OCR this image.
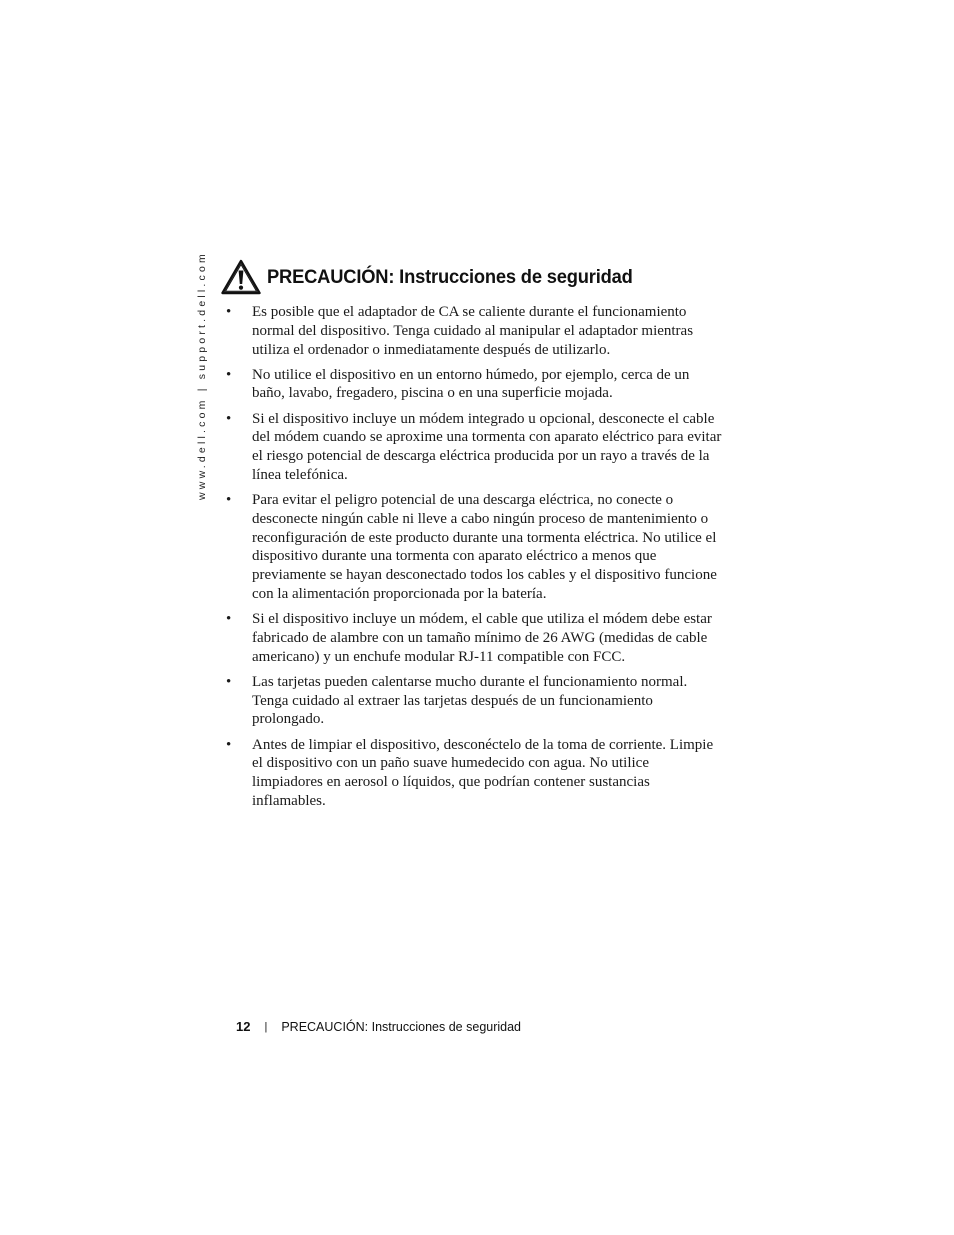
www.dell.com | support.dell.com	PRECAUCIÓN: Instrucciones de seguridad
• Es posible que el adaptador de CA se caliente durante el funcionamiento normal del dispositivo. Tenga cuidado al manipular el adaptador mientras utiliza el ordenador o inmediatamente después de utilizarlo.
• No utilice el dispositivo en un entorno húmedo, por ejemplo, cerca de un baño, lavabo, fregadero, piscina o en una superficie mojada.
• Si el dispositivo incluye un módem integrado u opcional, desconecte el cable del módem cuando se aproxime una tormenta con aparato eléctrico para evitar el riesgo potencial de descarga eléctrica producida por un rayo a través de la línea telefónica.
• Para evitar el peligro potencial de una descarga eléctrica, no conecte o desconecte ningún cable ni lleve a cabo ningún proceso de mantenimiento o reconfiguración de este producto durante una tormenta eléctrica. No utilice el dispositivo durante una tormenta con aparato eléctrico a menos que previamente se hayan desconectado todos los cables y el dispositivo funcione con la alimentación proporcionada por la batería.
• Si el dispositivo incluye un módem, el cable que utiliza el módem debe estar fabricado de alambre con un tamaño mínimo de 26 AWG (medidas de cable americano) y un enchufe modular RJ-11 compatible con FCC.
• Las tarjetas pueden calentarse mucho durante el funcionamiento normal. Tenga cuidado al extraer las tarjetas después de un funcionamiento prolongado.
• Antes de limpiar el dispositivo, desconéctelo de la toma de corriente. Limpie el dispositivo con un paño suave humedecido con agua. No utilice limpiadores en aerosol o líquidos, que podrían contener sustancias inflamables.
12 | PRECAUCIÓN: Instrucciones de seguridad
